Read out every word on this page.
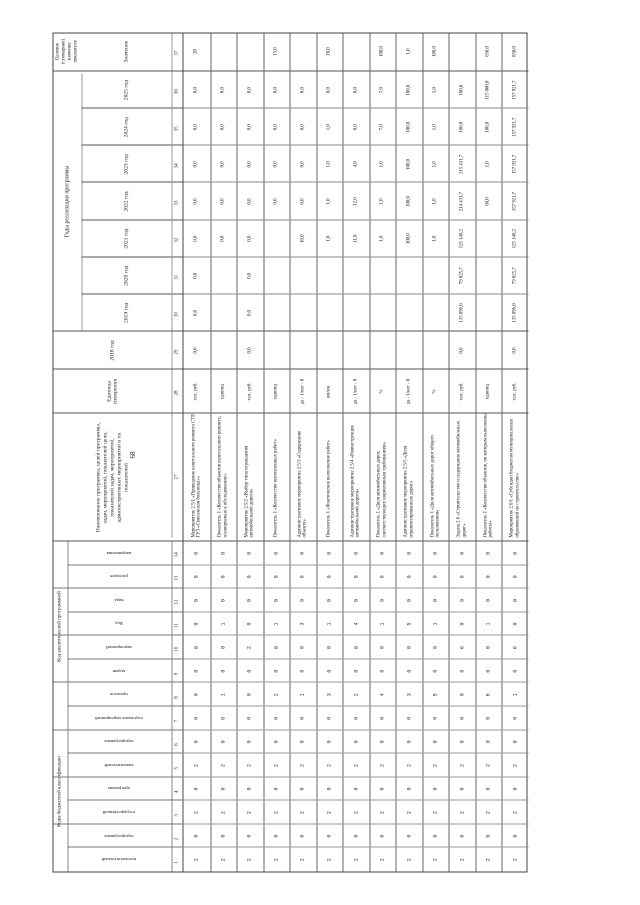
68
Коды бюджетной классификации
Код аналитической программной
вспомогательный
подпрограммы
государственной
программы
аналитической
подпрограммы
отдельных мероприятий
проектов
задачи
мероприятий
Код
вида
расходов
направления
1
2
3
4
5
6
7
8
9
10
11
12
13
14
Наименование программы, целей программы, задач, мероприятий, показателей цели, показателей задач, мероприятий, административных мероприятий и их показателей
Единица измерения
2018 год
Годы реализации программы
2019 год
2020 год
2021 год
2022 год
2023 год
2024 год
2025 год
Целевое (суммарное) значение показателя	Значение
27
28
29
30
31
32
33
34
35
36
37
2
0
2
0
2
0
0
0
0
0
0
0
0
0
Мероприятие 2.5/1 «Проведение капитального ремонта СТР ГУЗ «Смоленская больница»»
тыс. руб.
0,0
0,0
0,0
0,0
0,0
0,0
0,0
0,0
20
2
0
2
0
2
0
0
1
0
0
1
0
0
0
Показатель 1 «Количество объектов капитального ремонта, планируемых к обследованию»
единиц
0,0
0,0
0,0
0,0
0,0
2
0
2
0
2
0
0
0
0
2
0
0
0
0
Мероприятие 2.5/2 «Выбор типа ограждения автомобильной дороги»
тыс. руб.
0,0
0,0
0,0
0,0
0,0
0,0
0,0
0,0
2
0
2
0
2
0
0
2
0
0
1
0
0
0
Показатель 1 «Количество выполненных работ»
единиц
0,0
0,0
0,0
0,0
15,0
2
0
2
0
2
0
0
1
0
0
3
0
0
0
Административное мероприятие 2.5/3 «Содержание объекта»
да - 1/нет - 0
10,0
0,0
0,0
0,0
0,0
2
0
2
0
2
0
0
3
0
0
1
0
0
0
Показатель 1 «Фактическое выполнение работ»
км/км.
1,0
1,0
1,0
1,0
0,0
20,0
2
0
2
0
2
0
0
2
0
0
4
0
0
0
Административное мероприятие 2.5/4 «Реконструкция автомобильной дороги»
да - 1/нет - 0
11,0
12,0
4,0
0,0
0,0
2
0
2
0
2
0
0
4
0
0
1
0
0
0
Показатель 1 «Доля автомобильных дорог, соответствующих нормативным требованиям»
%
1,0
1,0
1,0
7,0
7,0
100,0
2
0
2
0
2
0
0
3
0
0
5
0
0
0
Административное мероприятие 2.5/5 «Доля отремонтированных дорог»
да - 1/нет - 0
100,0
100,0
100,0
100,0
100,0
1,0
2
0
2
0
2
0
0
5
0
0
1
0
0
0
Показатель 1 «Доля автомобильных дорог общего пользования»
%
1,0
1,0
1,0
1,0
1,0
100,0
2
0
2
0
2
0
0
0
0
6
0
0
0
0
Задача 2.6 «Строительство и содержание автомобильных дорог»
тыс. руб.
0,0
135 096,0
79 825,7
125 148,2
214 431,7
215 431,7
100,0
100,0
2
0
2
0
2
0
0
6
0
0
1
0
0
0
Показатель 1 «Количество объектов, по которым выполнены работы»
единиц
60,0
1,0
100,0
115 000,0
650,0
2
0
2
0
2
0
0
1
0
6
0
0
0
0
Мероприятие 2.6/1 «Субсидии бюджетам муниципальных образований на строительство»
тыс. руб.
0,0
135 096,0
79 825,7
125 148,2
157 921,7
157 921,7
157 921,7
157 921,7
850,0
